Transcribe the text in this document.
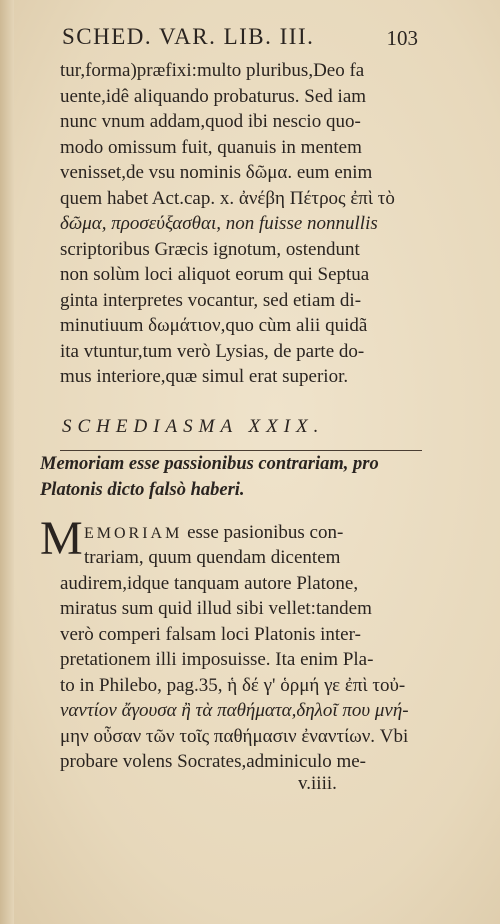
SCHED. VAR. LIB. III.	103
tur,forma)præfixi:multo pluribus,Deo fa
uente,idê aliquando probaturus. Sed iam
nunc vnum addam,quod ibi nescio quo-
modo omissum fuit, quanuis in mentem
venisset,de vsu nominis δῶμα. eum enim
quem habet Act.cap. x. ἀνέβη Πέτρος ἐπὶ τὸ
δῶμα, προσεύξασθαι, non fuisse nonnullis
scriptoribus Græcis ignotum, ostendunt
non solùm loci aliquot eorum qui Septua
ginta interpretes vocantur, sed etiam di-
minutiuum δωμάτιον,quo cùm alii quidã
ita vtuntur,tum verò Lysias, de parte do-
mus interiore,quæ simul erat superior.
SCHEDIASMA XXIX.
Memoriam esse passionibus contrariam, pro
Platonis dicto falsò haberi.
M EMORIAM esse pasionibus con-
trariam, quum quendam dicentem
audirem,idque tanquam autore Platone,
miratus sum quid illud sibi vellet:tandem
verò comperi falsam loci Platonis inter-
pretationem illi imposuisse. Ita enim Pla-
to in Philebo, pag.35, ἡ δέ γ' ὁρμή γε ἐπὶ τοὐ-
ναντίον ἄγουσα ἢ τὰ παθήματα,δηλοῖ που μνή-
μην οὖσαν τῶν τοῖς παθήμασιν ἐναντίων. Vbi
probare volens Socrates,adminiculo me-
v.iiii.
